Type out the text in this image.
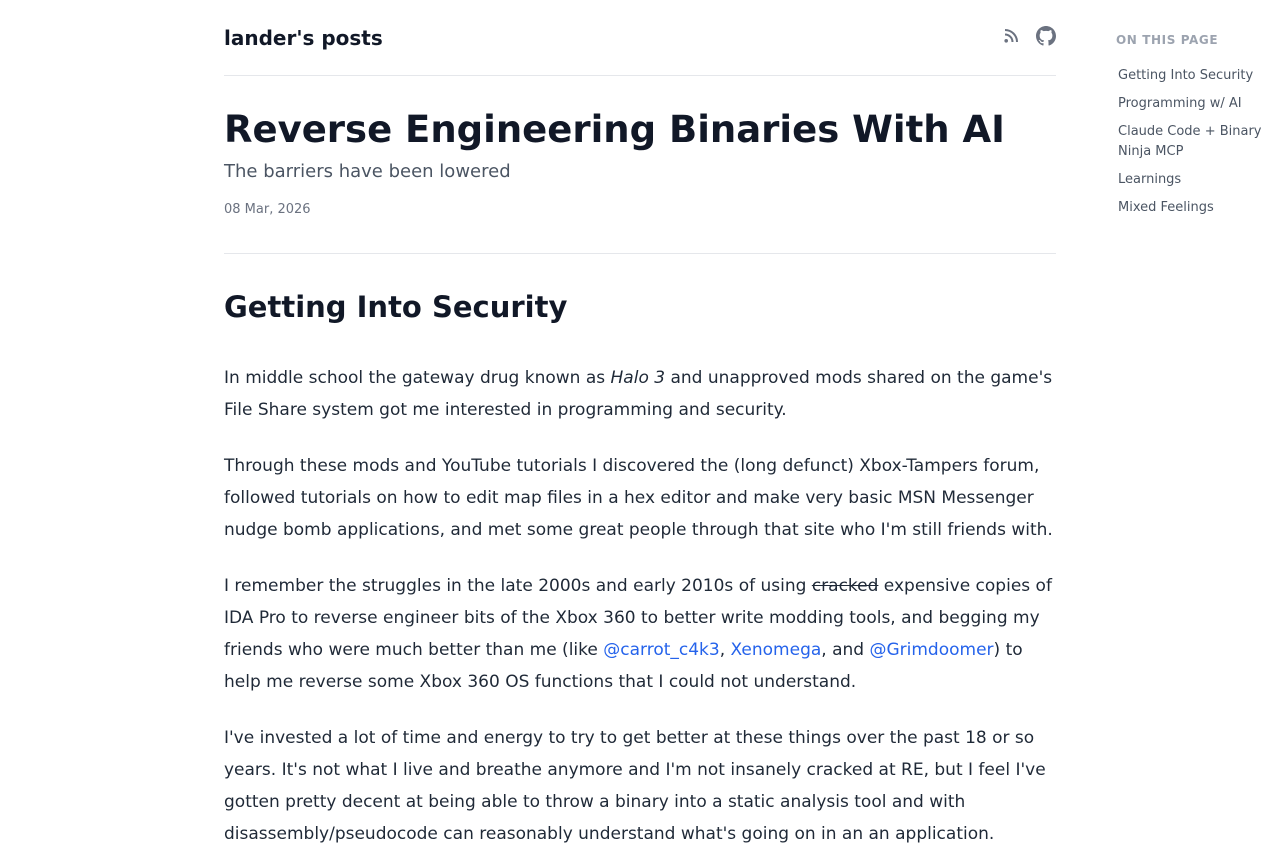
lander's posts
Reverse Engineering Binaries With AI
The barriers have been lowered
08 Mar, 2026
Getting Into Security

In middle school the gateway drug known as Halo 3 and unapproved mods shared on the game's File Share system got me interested in programming and security.

Through these mods and YouTube tutorials I discovered the (long defunct) Xbox-Tampers forum, followed tutorials on how to edit map files in a hex editor and make very basic MSN Messenger nudge bomb applications, and met some great people through that site who I'm still friends with.

I remember the struggles in the late 2000s and early 2010s of using cracked expensive copies of IDA Pro to reverse engineer bits of the Xbox 360 to better write modding tools, and begging my friends who were much better than me (like @carrot_c4k3, Xenomega, and @Grimdoomer) to help me reverse some Xbox 360 OS functions that I could not understand.

I've invested a lot of time and energy to try to get better at these things over the past 18 or so years. It's not what I live and breathe anymore and I'm not insanely cracked at RE, but I feel I've gotten pretty decent at being able to throw a binary into a static analysis tool and with disassembly/pseudocode can reasonably understand what's going on in an an application.

ON THIS PAGE
Getting Into Security
Programming w/ AI
Claude Code + Binary Ninja MCP
Learnings
Mixed Feelings
